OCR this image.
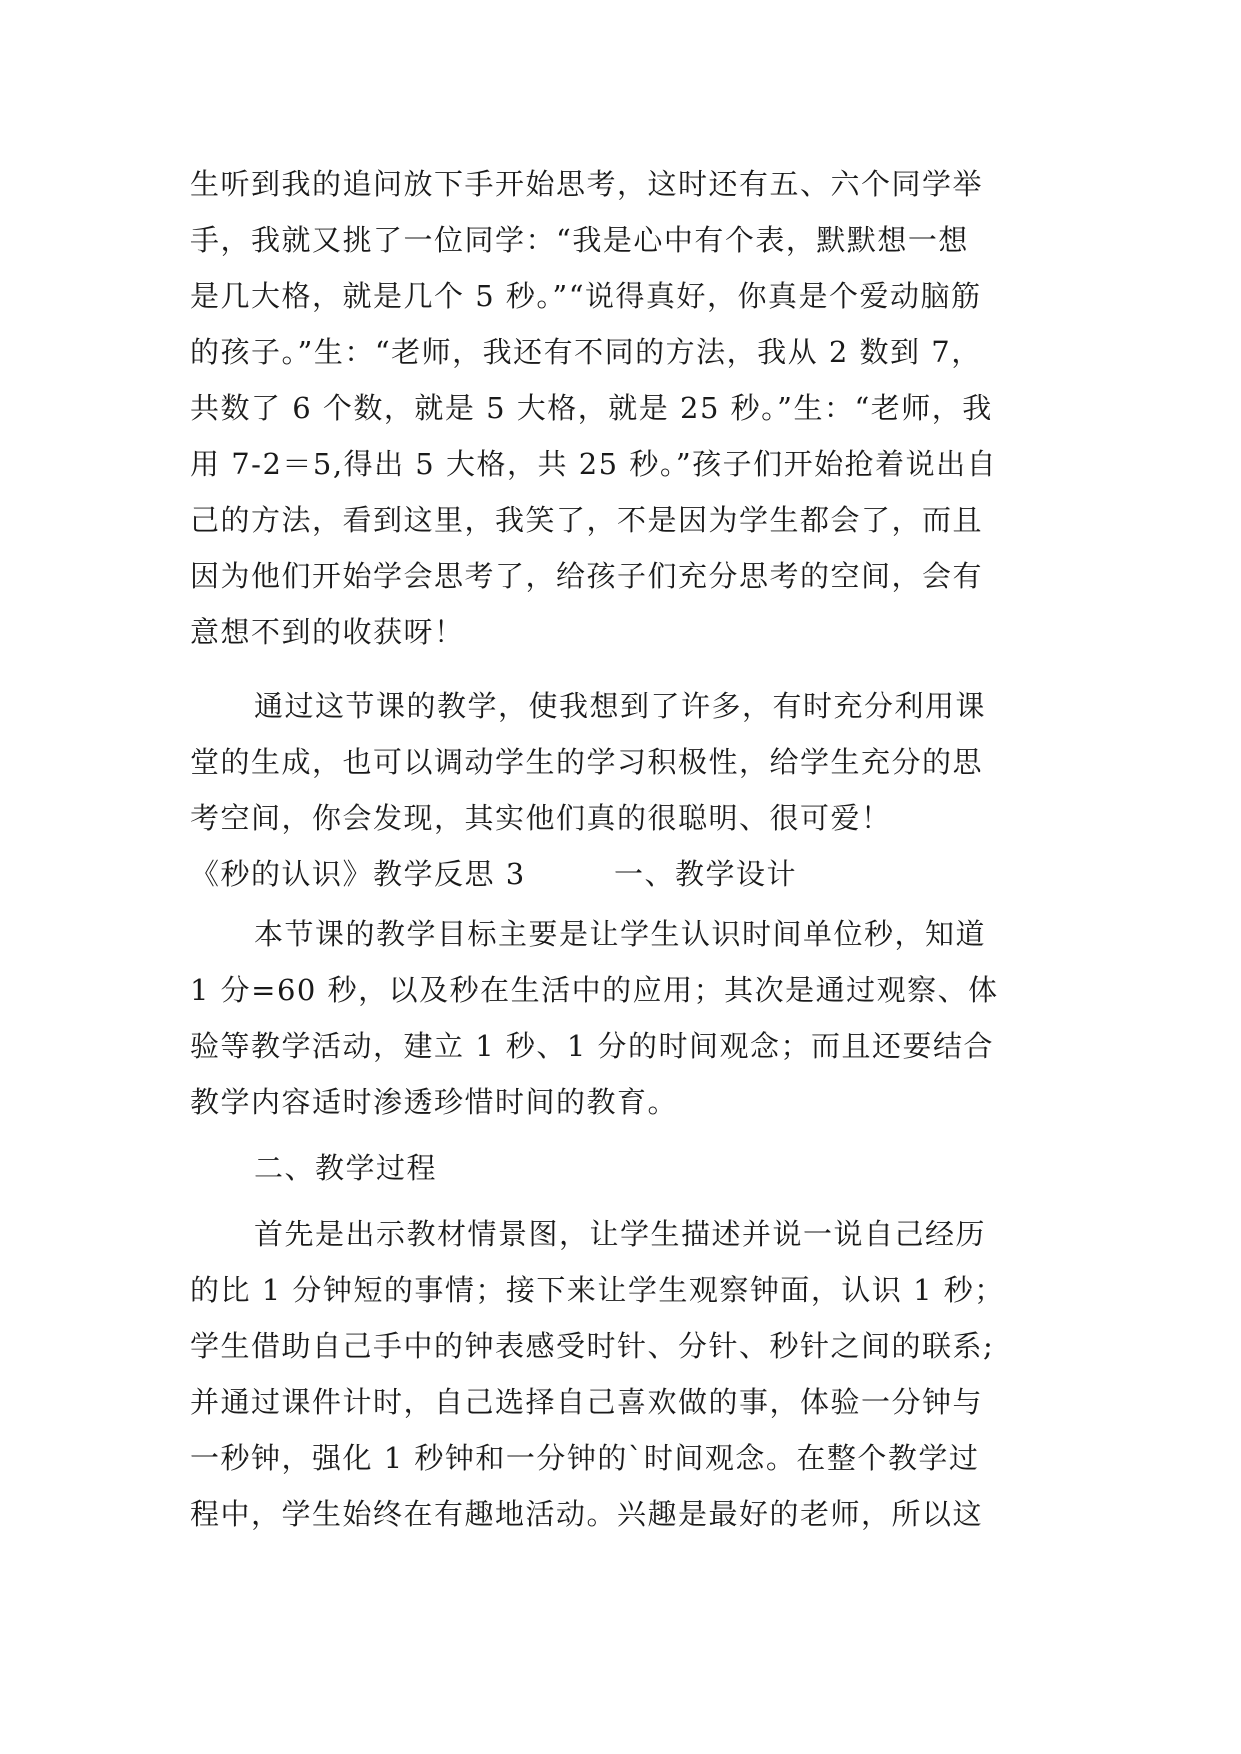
生听到我的追问放下手开始思考，这时还有五、六个同学举
手，我就又挑了一位同学：“我是心中有个表，默默想一想
是几大格，就是几个 5 秒。”“说得真好，你真是个爱动脑筋
的孩子。”生：“老师，我还有不同的方法，我从 2 数到 7，
共数了 6 个数，就是 5 大格，就是 25 秒。”生：“老师，我
用 7-2＝5,得出 5 大格，共 25 秒。”孩子们开始抢着说出自
己的方法，看到这里，我笑了，不是因为学生都会了，而且
因为他们开始学会思考了，给孩子们充分思考的空间，会有
意想不到的收获呀！
通过这节课的教学，使我想到了许多，有时充分利用课
堂的生成，也可以调动学生的学习积极性，给学生充分的思
考空间，你会发现，其实他们真的很聪明、很可爱！
《秒的认识》教学反思 3	一、教学设计
本节课的教学目标主要是让学生认识时间单位秒，知道
1 分=60 秒，以及秒在生活中的应用；其次是通过观察、体
验等教学活动，建立 1 秒、1 分的时间观念；而且还要结合
教学内容适时渗透珍惜时间的教育。
二、教学过程
首先是出示教材情景图，让学生描述并说一说自己经历
的比 1 分钟短的事情；接下来让学生观察钟面，认识 1 秒；
学生借助自己手中的钟表感受时针、分针、秒针之间的联系;
并通过课件计时，自己选择自己喜欢做的事，体验一分钟与
一秒钟，强化 1 秒钟和一分钟的`时间观念。在整个教学过
程中，学生始终在有趣地活动。兴趣是最好的老师，所以这
